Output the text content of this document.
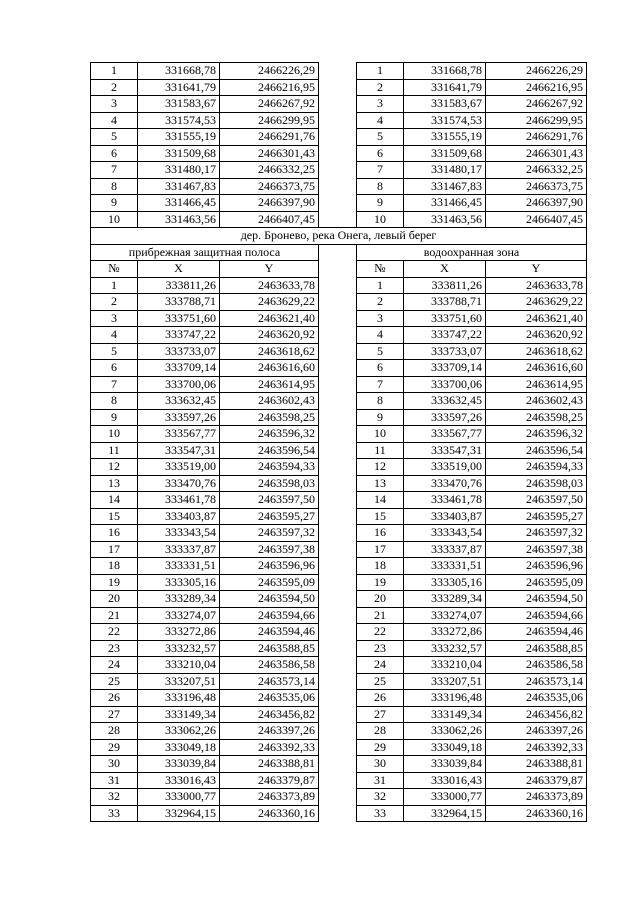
1	331668,78	2466226,29		1	331668,78	2466226,29
2	331641,79	2466216,95		2	331641,79	2466216,95
3	331583,67	2466267,92		3	331583,67	2466267,92
4	331574,53	2466299,95		4	331574,53	2466299,95
5	331555,19	2466291,76		5	331555,19	2466291,76
6	331509,68	2466301,43		6	331509,68	2466301,43
7	331480,17	2466332,25		7	331480,17	2466332,25
8	331467,83	2466373,75		8	331467,83	2466373,75
9	331466,45	2466397,90		9	331466,45	2466397,90
10	331463,56	2466407,45		10	331463,56	2466407,45
дер. Бронево, река Онега, левый берег						
прибрежная защитная полоса				водоохранная зона		
№	X	Y		№	X	Y
1	333811,26	2463633,78		1	333811,26	2463633,78
2	333788,71	2463629,22		2	333788,71	2463629,22
3	333751,60	2463621,40		3	333751,60	2463621,40
4	333747,22	2463620,92		4	333747,22	2463620,92
5	333733,07	2463618,62		5	333733,07	2463618,62
6	333709,14	2463616,60		6	333709,14	2463616,60
7	333700,06	2463614,95		7	333700,06	2463614,95
8	333632,45	2463602,43		8	333632,45	2463602,43
9	333597,26	2463598,25		9	333597,26	2463598,25
10	333567,77	2463596,32		10	333567,77	2463596,32
11	333547,31	2463596,54		11	333547,31	2463596,54
12	333519,00	2463594,33		12	333519,00	2463594,33
13	333470,76	2463598,03		13	333470,76	2463598,03
14	333461,78	2463597,50		14	333461,78	2463597,50
15	333403,87	2463595,27		15	333403,87	2463595,27
16	333343,54	2463597,32		16	333343,54	2463597,32
17	333337,87	2463597,38		17	333337,87	2463597,38
18	333331,51	2463596,96		18	333331,51	2463596,96
19	333305,16	2463595,09		19	333305,16	2463595,09
20	333289,34	2463594,50		20	333289,34	2463594,50
21	333274,07	2463594,66		21	333274,07	2463594,66
22	333272,86	2463594,46		22	333272,86	2463594,46
23	333232,57	2463588,85		23	333232,57	2463588,85
24	333210,04	2463586,58		24	333210,04	2463586,58
25	333207,51	2463573,14		25	333207,51	2463573,14
26	333196,48	2463535,06		26	333196,48	2463535,06
27	333149,34	2463456,82		27	333149,34	2463456,82
28	333062,26	2463397,26		28	333062,26	2463397,26
29	333049,18	2463392,33		29	333049,18	2463392,33
30	333039,84	2463388,81		30	333039,84	2463388,81
31	333016,43	2463379,87		31	333016,43	2463379,87
32	333000,77	2463373,89		32	333000,77	2463373,89
33	332964,15	2463360,16		33	332964,15	2463360,16
